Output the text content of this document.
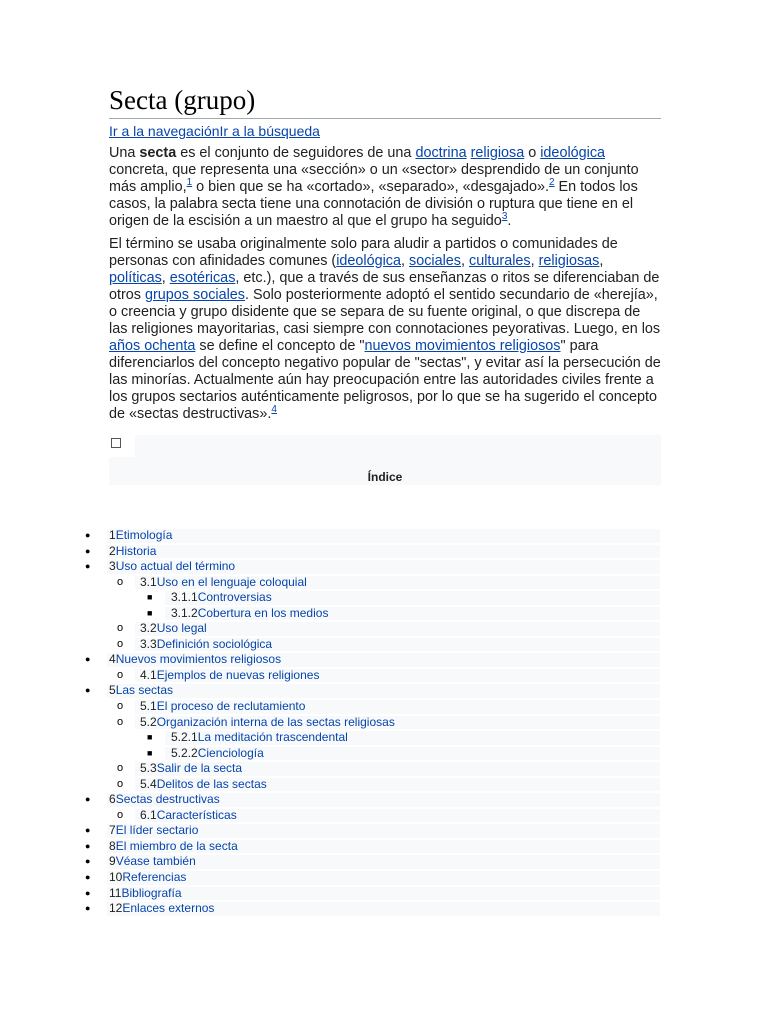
Secta (grupo)
Ir a la navegaciónIr a la búsqueda

Una secta es el conjunto de seguidores de una doctrina religiosa o ideológica concreta, que representa una «sección» o un «sector» desprendido de un conjunto más amplio,$^1$ o bien que se ha «cortado», «separado», «desgajado».$^2$ En todos los casos, la palabra secta tiene una connotación de división o ruptura que tiene en el origen de la escisión a un maestro al que el grupo ha seguido$^3$.

El término se usaba originalmente solo para aludir a partidos o comunidades de personas con afinidades comunes (ideológica, sociales, culturales, religiosas, políticas, esotéricas, etc.), que a través de sus enseñanzas o ritos se diferenciaban de otros grupos sociales. Solo posteriormente adoptó el sentido secundario de «herejía», o creencia y grupo disidente que se separa de su fuente original, o que discrepa de las religiones mayoritarias, casi siempre con connotaciones peyorativas. Luego, en los años ochenta se define el concepto de "nuevos movimientos religiosos" para diferenciarlos del concepto negativo popular de "sectas", y evitar así la persecución de las minorías. Actualmente aún hay preocupación entre las autoridades civiles frente a los grupos sectarios auténticamente peligrosos, por lo que se ha sugerido el concepto de «sectas destructivas».$^4$

Índice
● 1Etimología
● 2Historia
● 3Uso actual del término
o 3.1Uso en el lenguaje coloquial
■ 3.1.1Controversias
■ 3.1.2Cobertura en los medios
o 3.2Uso legal
o 3.3Definición sociológica
● 4Nuevos movimientos religiosos
o 4.1Ejemplos de nuevas religiones
● 5Las sectas
o 5.1El proceso de reclutamiento
o 5.2Organización interna de las sectas religiosas
■ 5.2.1La meditación trascendental
■ 5.2.2Cienciología
o 5.3Salir de la secta
o 5.4Delitos de las sectas
● 6Sectas destructivas
o 6.1Características
● 7El líder sectario
● 8El miembro de la secta
● 9Véase también
● 10Referencias
● 11Bibliografía
● 12Enlaces externos
